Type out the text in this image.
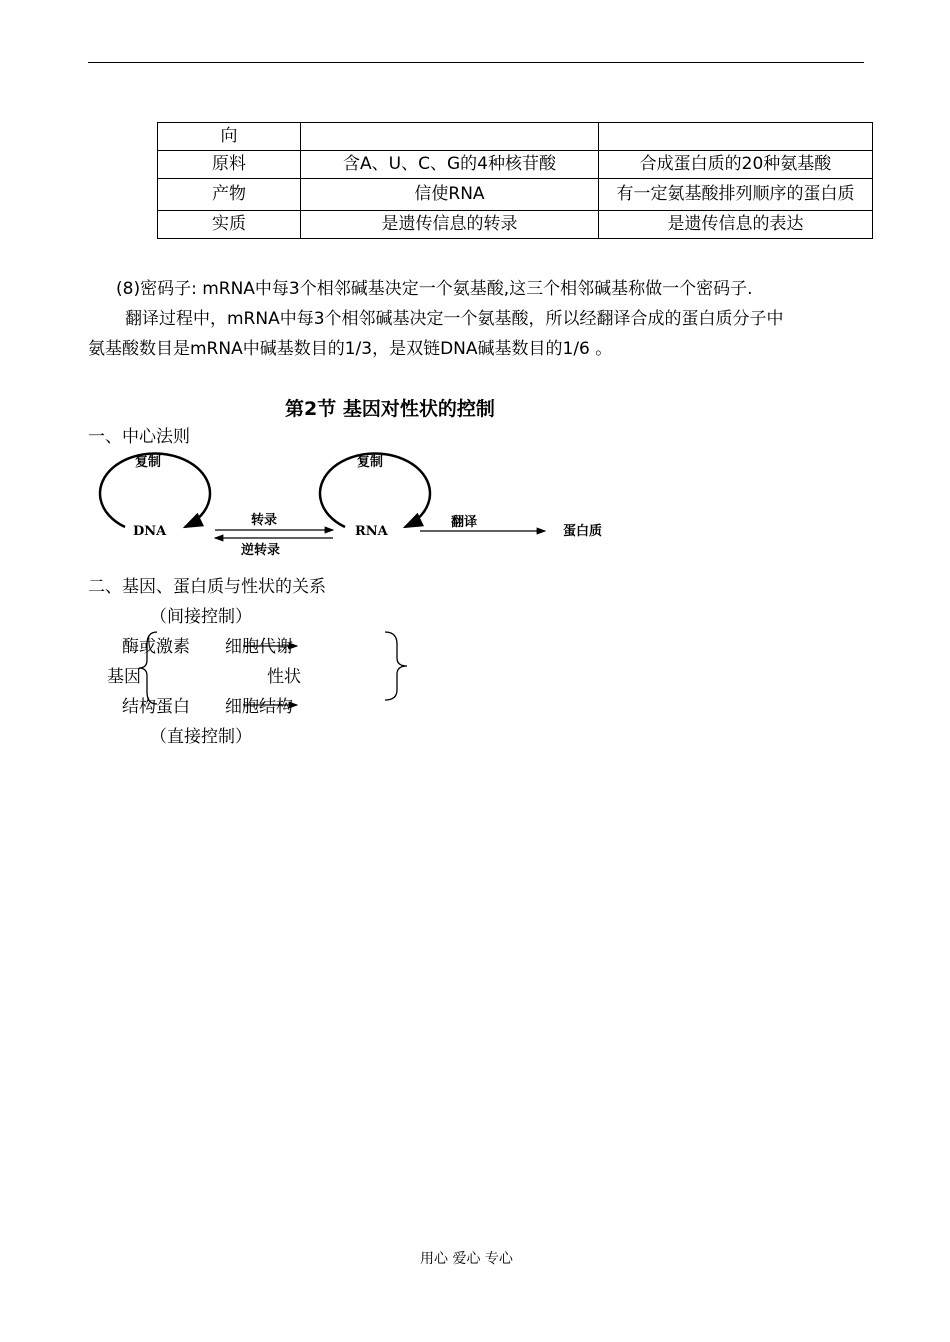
向		
原料	含A、U、C、G的4种核苷酸	合成蛋白质的20种氨基酸
产物	信使RNA	有一定氨基酸排列顺序的蛋白质
实质	是遗传信息的转录	是遗传信息的表达
(8)密码子: mRNA中每3个相邻碱基决定一个氨基酸,这三个相邻碱基称做一个密码子.
翻译过程中，mRNA中每3个相邻碱基决定一个氨基酸，所以经翻译合成的蛋白质分子中
氨基酸数目是mRNA中碱基数目的1/3，是双链DNA碱基数目的1/6 。
第2节 基因对性状的控制
一、中心法则
复制	复制
DNA	RNA	蛋白质
转录
逆转录
翻译
二、基因、蛋白质与性状的关系
（间接控制）
酶或激素 细胞代谢
基因	性状
结构蛋白 细胞结构
（直接控制）
用心 爱心 专心
